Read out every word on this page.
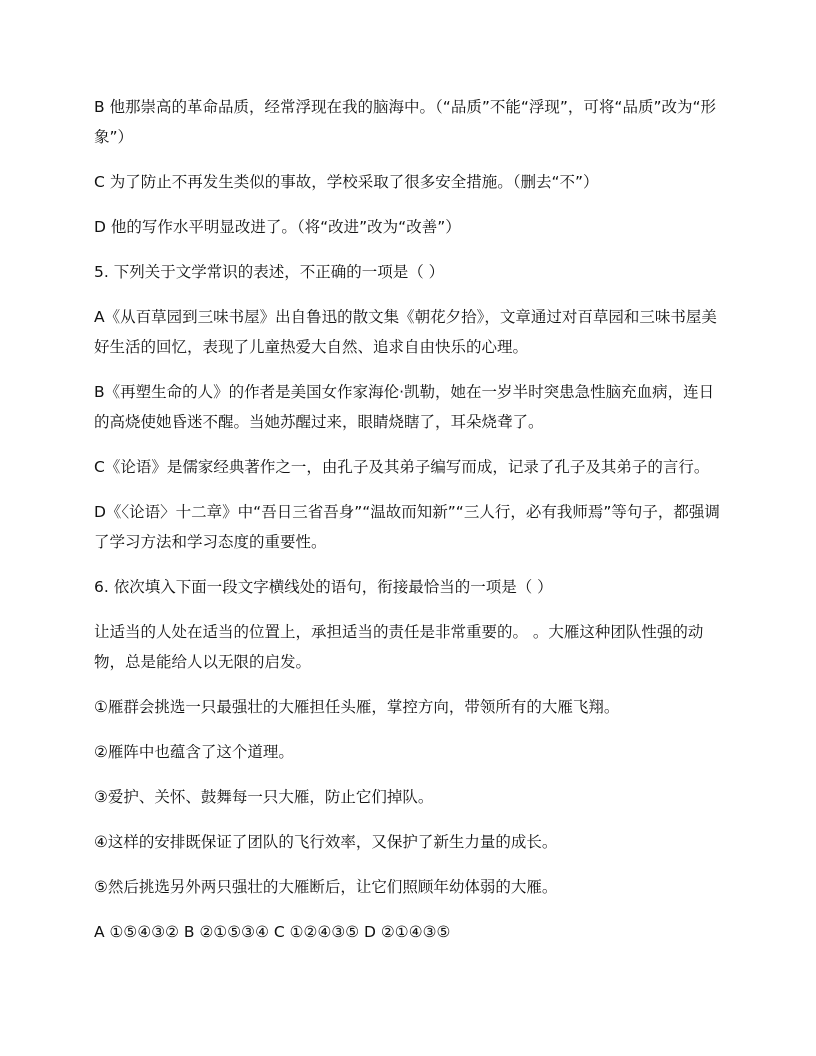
B 他那崇高的革命品质，经常浮现在我的脑海中。（“品质”不能“浮现”，可将“品质”改为“形象”）

C 为了防止不再发生类似的事故，学校采取了很多安全措施。（删去“不”）

D 他的写作水平明显改进了。（将“改进”改为“改善”）

5. 下列关于文学常识的表述，不正确的一项是（ ）

A《从百草园到三味书屋》出自鲁迅的散文集《朝花夕拾》，文章通过对百草园和三味书屋美好生活的回忆，表现了儿童热爱大自然、追求自由快乐的心理。

B《再塑生命的人》的作者是美国女作家海伦·凯勒，她在一岁半时突患急性脑充血病，连日的高烧使她昏迷不醒。当她苏醒过来，眼睛烧瞎了，耳朵烧聋了。

C《论语》是儒家经典著作之一，由孔子及其弟子编写而成，记录了孔子及其弟子的言行。

D《〈论语〉十二章》中“吾日三省吾身”“温故而知新”“三人行，必有我师焉”等句子，都强调了学习方法和学习态度的重要性。

6. 依次填入下面一段文字横线处的语句，衔接最恰当的一项是（ ）

让适当的人处在适当的位置上，承担适当的责任是非常重要的。 。大雁这种团队性强的动物，总是能给人以无限的启发。

①雁群会挑选一只最强壮的大雁担任头雁，掌控方向，带领所有的大雁飞翔。

②雁阵中也蕴含了这个道理。

③爱护、关怀、鼓舞每一只大雁，防止它们掉队。

④这样的安排既保证了团队的飞行效率，又保护了新生力量的成长。

⑤然后挑选另外两只强壮的大雁断后，让它们照顾年幼体弱的大雁。

A ①⑤④③② B ②①⑤③④ C ①②④③⑤ D ②①④③⑤
